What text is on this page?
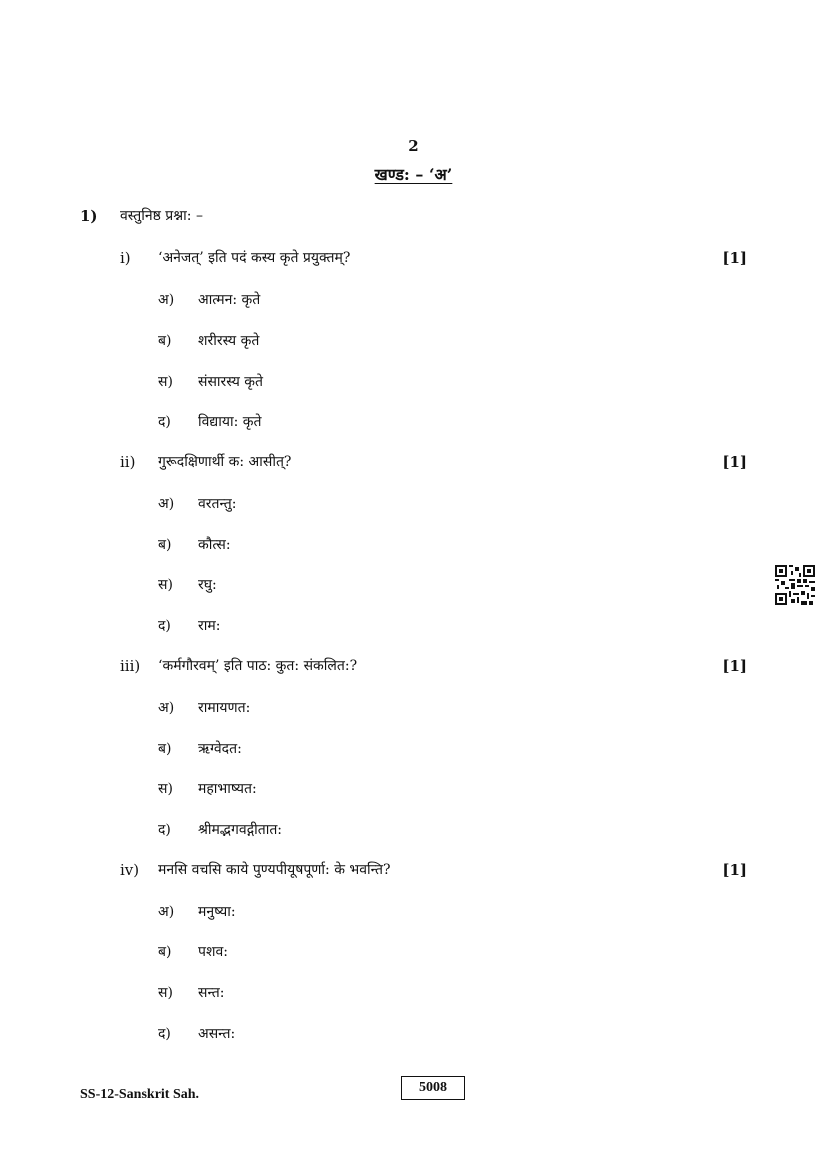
2
खण्ड: – ‘अ’
1) वस्तुनिष्ठ प्रश्ना: –
i) ‘अनेजत्’ इति पदं कस्य कृते प्रयुक्तम्?	[1]
अ) आत्मन: कृते
ब) शरीरस्य कृते
स) संसारस्य कृते
द) विद्याया: कृते
ii) गुरूदक्षिणार्थी क: आसीत्?	[1]
अ) वरतन्तु:
ब) कौत्स:
स) रघु:
द) राम:
iii) ‘कर्मगौरवम्’ इति पाठ: कुत: संकलित:?	[1]
अ) रामायणत:
ब) ऋग्वेदत:
स) महाभाष्यत:
द) श्रीमद्भगवद्गीतात:
iv) मनसि वचसि काये पुण्यपीयूषपूर्णा: के भवन्ति?	[1]
अ) मनुष्या:
ब) पशव:
स) सन्त:
द) असन्त:
SS-12-Sanskrit Sah.	5008
